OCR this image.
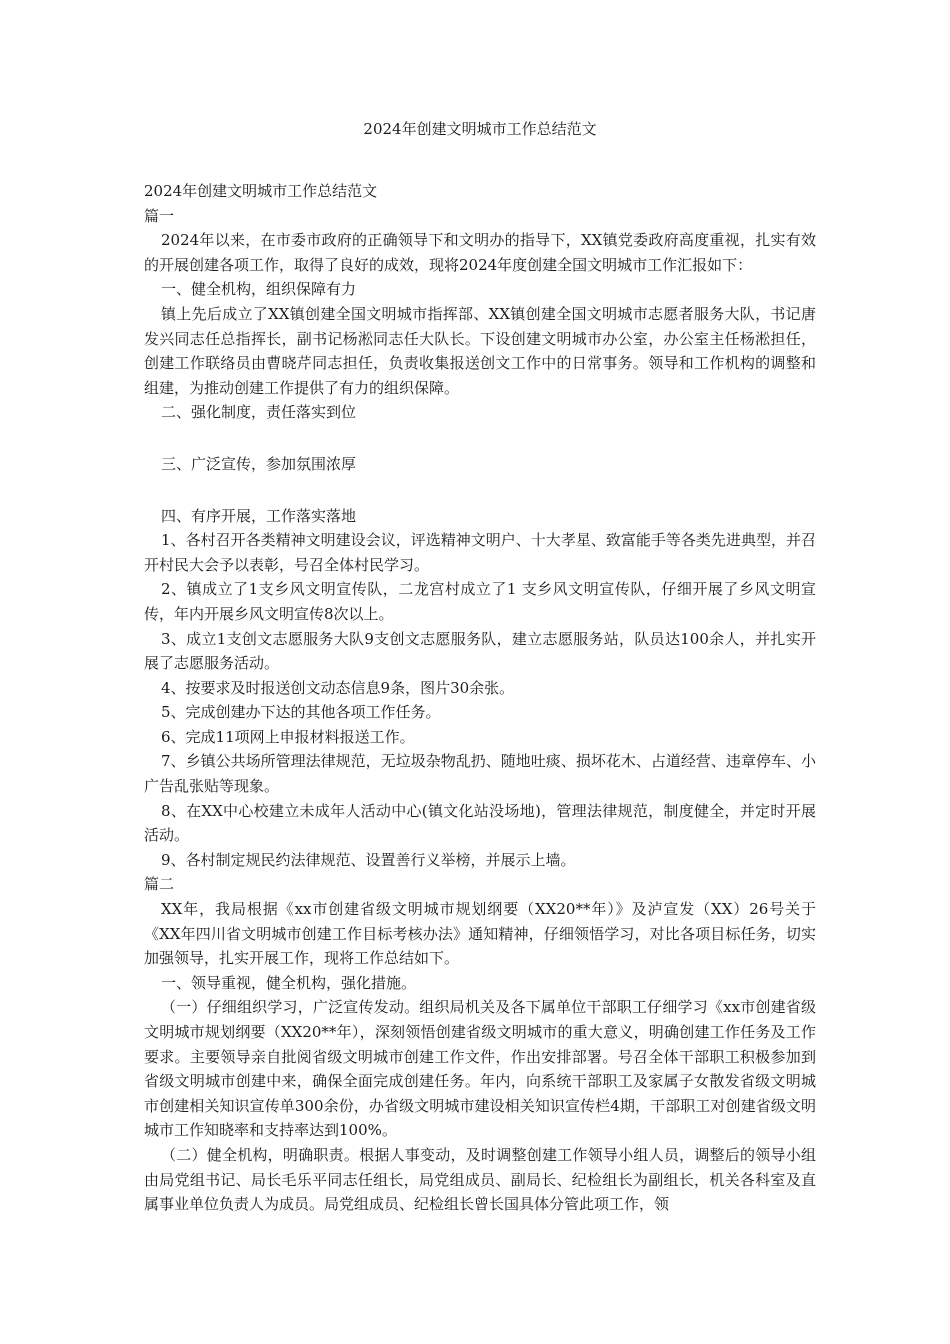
2024年创建文明城市工作总结范文

2024年创建文明城市工作总结范文

篇一

2024年以来，在市委市政府的正确领导下和文明办的指导下，XX镇党委政府高度重视，扎实有效的开展创建各项工作，取得了良好的成效，现将2024年度创建全国文明城市工作汇报如下：

一、健全机构，组织保障有力

镇上先后成立了XX镇创建全国文明城市指挥部、XX镇创建全国文明城市志愿者服务大队，书记唐发兴同志任总指挥长，副书记杨淞同志任大队长。下设创建文明城市办公室，办公室主任杨淞担任，创建工作联络员由曹晓芹同志担任，负责收集报送创文工作中的日常事务。领导和工作机构的调整和组建，为推动创建工作提供了有力的组织保障。

二、强化制度，责任落实到位

三、广泛宣传，参加氛围浓厚

四、有序开展，工作落实落地

1、各村召开各类精神文明建设会议，评选精神文明户、十大孝星、致富能手等各类先进典型，并召开村民大会予以表彰，号召全体村民学习。

2、镇成立了1支乡风文明宣传队，二龙宫村成立了1 支乡风文明宣传队，仔细开展了乡风文明宣传，年内开展乡风文明宣传8次以上。

3、成立1支创文志愿服务大队9支创文志愿服务队，建立志愿服务站，队员达100余人，并扎实开展了志愿服务活动。

4、按要求及时报送创文动态信息9条，图片30余张。

5、完成创建办下达的其他各项工作任务。

6、完成11项网上申报材料报送工作。

7、乡镇公共场所管理法律规范，无垃圾杂物乱扔、随地吐痰、损坏花木、占道经营、违章停车、小广告乱张贴等现象。

8、在XX中心校建立未成年人活动中心(镇文化站没场地)，管理法律规范，制度健全，并定时开展活动。

9、各村制定规民约法律规范、设置善行义举榜，并展示上墙。

篇二

XX年，我局根据《xx市创建省级文明城市规划纲要（XX20**年）》及泸宣发（XX）26号关于《XX年四川省文明城市创建工作目标考核办法》通知精神，仔细领悟学习，对比各项目标任务，切实加强领导，扎实开展工作，现将工作总结如下。

一、领导重视，健全机构，强化措施。

（一）仔细组织学习，广泛宣传发动。组织局机关及各下属单位干部职工仔细学习《xx市创建省级文明城市规划纲要（XX20**年），深刻领悟创建省级文明城市的重大意义，明确创建工作任务及工作要求。主要领导亲自批阅省级文明城市创建工作文件，作出安排部署。号召全体干部职工积极参加到省级文明城市创建中来，确保全面完成创建任务。年内，向系统干部职工及家属子女散发省级文明城市创建相关知识宣传单300余份，办省级文明城市建设相关知识宣传栏4期，干部职工对创建省级文明城市工作知晓率和支持率达到100%。

（二）健全机构，明确职责。根据人事变动，及时调整创建工作领导小组人员，调整后的领导小组由局党组书记、局长毛乐平同志任组长，局党组成员、副局长、纪检组长为副组长，机关各科室及直属事业单位负责人为成员。局党组成员、纪检组长曾长国具体分管此项工作，领
